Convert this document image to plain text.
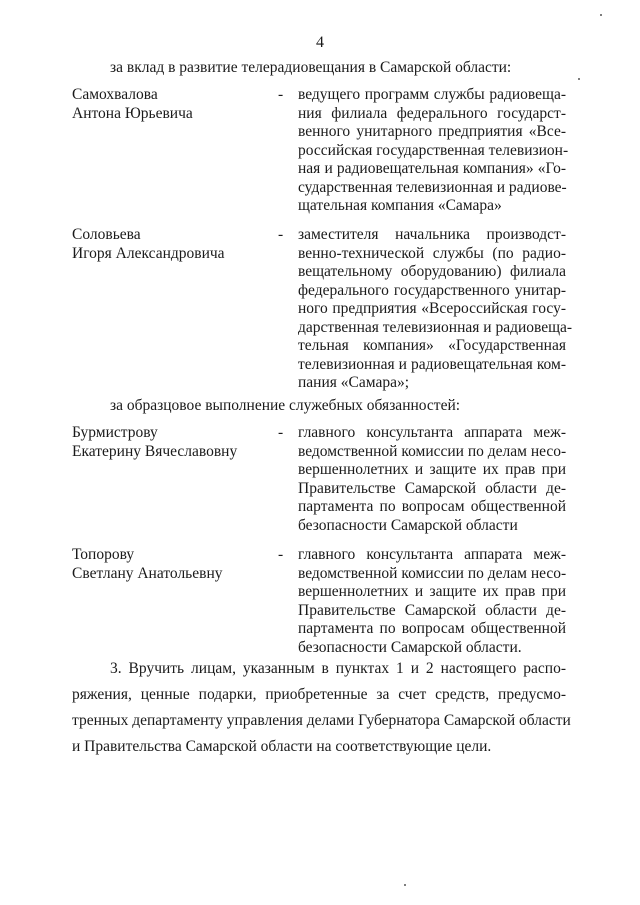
4
за вклад в развитие телерадиовещания в Самарской области:
Самохвалова
Антона Юрьевича
- ведущего программ службы радиовеща-
ния филиала федерального государст-
венного унитарного предприятия «Все-
российская государственная телевизион-
ная и радиовещательная компания» «Го-
сударственная телевизионная и радиове-
щательная компания «Самара»
Соловьева
Игоря Александровича
- заместителя начальника производст-
венно-технической службы (по радио-
вещательному оборудованию) филиала
федерального государственного унитар-
ного предприятия «Всероссийская госу-
дарственная телевизионная и радиовеща-
тельная компания» «Государственная
телевизионная и радиовещательная ком-
пания «Самара»;
за образцовое выполнение служебных обязанностей:
Бурмистрову
Екатерину Вячеславовну
- главного консультанта аппарата меж-
ведомственной комиссии по делам несо-
вершеннолетних и защите их прав при
Правительстве Самарской области де-
партамента по вопросам общественной
безопасности Самарской области
Топорову
Светлану Анатольевну
- главного консультанта аппарата меж-
ведомственной комиссии по делам несо-
вершеннолетних и защите их прав при
Правительстве Самарской области де-
партамента по вопросам общественной
безопасности Самарской области.
3. Вручить лицам, указанным в пунктах 1 и 2 настоящего распо-
ряжения, ценные подарки, приобретенные за счет средств, предусмо-
тренных департаменту управления делами Губернатора Самарской области
и Правительства Самарской области на соответствующие цели.
